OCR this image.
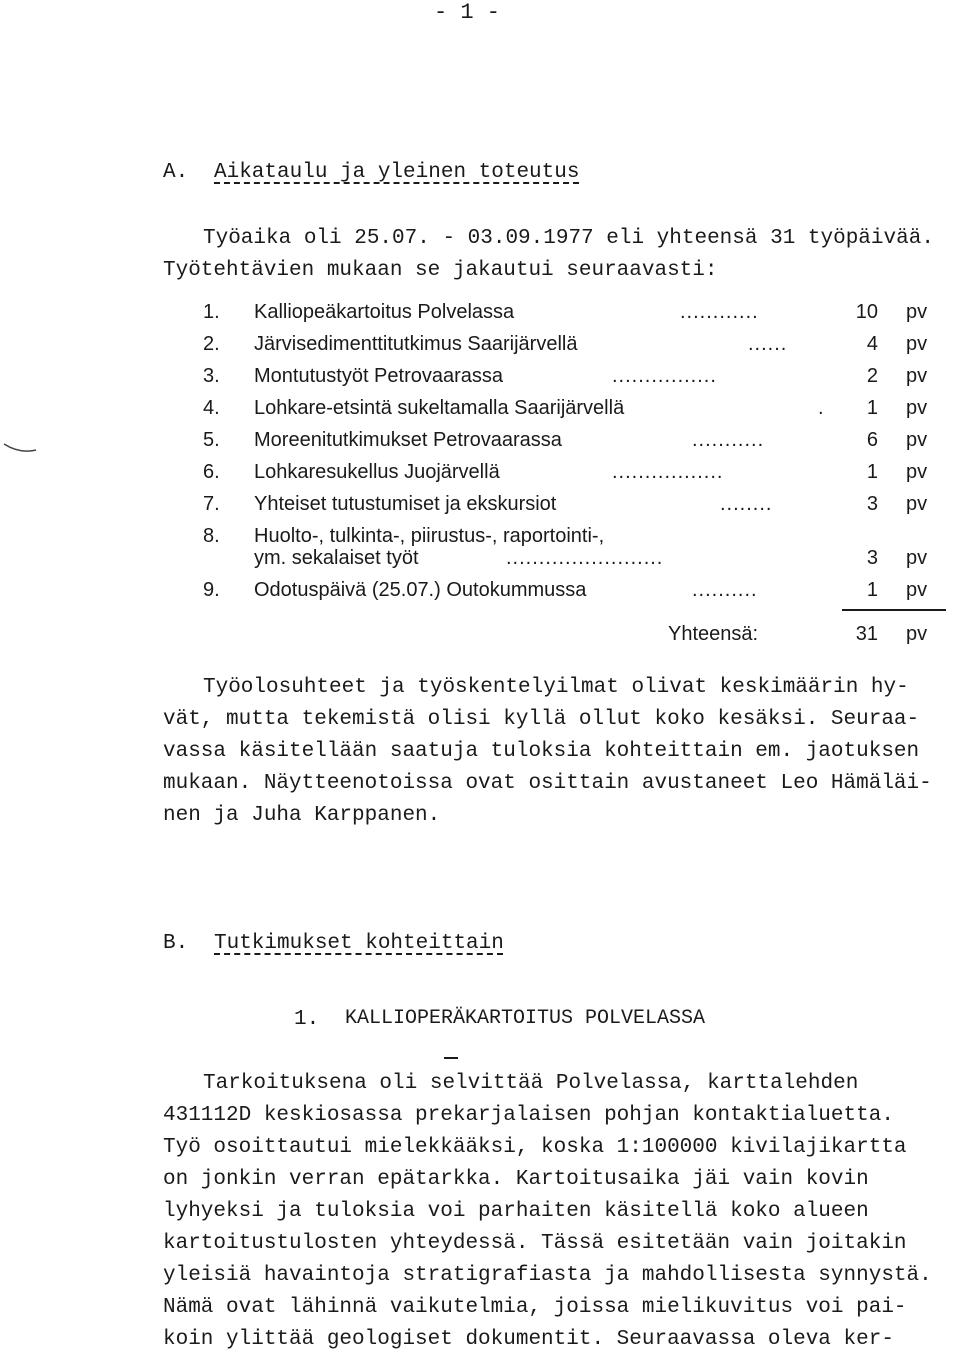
- 1 -
A. Aikataulu ja yleinen toteutus
Työaika oli 25.07. - 03.09.1977 eli yhteensä 31 työpäivää.
Työtehtävien mukaan se jakautui seuraavasti:
1. Kalliopeäkartoitus Polvelassa	............	10 pv
2. Järvisedimenttitutkimus Saarijärvellä	......	4 pv
3. Montutustyöt Petrovaarassa	................	2 pv
4. Lohkare-etsintä sukeltamalla Saarijärvellä	.	1 pv
5. Moreenitutkimukset Petrovaarassa	...........	6 pv
6. Lohkaresukellus Juojärvellä	.................	1 pv
7. Yhteiset tutustumiset ja ekskursiot	........	3 pv
8. Huolto-, tulkinta-, piirustus-, raportointi-,
ym. sekalaiset työt	........................	3 pv
9. Odotuspäivä (25.07.) Outokummussa	..........	1 pv
Yhteensä:	31 pv
Työolosuhteet ja työskentelyilmat olivat keskimäärin hy-
vät, mutta tekemistä olisi kyllä ollut koko kesäksi. Seuraa-
vassa käsitellään saatuja tuloksia kohteittain em. jaotuksen
mukaan. Näytteenotoissa ovat osittain avustaneet Leo Hämäläi-
nen ja Juha Karppanen.
B. Tutkimukset kohteittain
1. KALLIOPERÄKARTOITUS POLVELASSA
Tarkoituksena oli selvittää Polvelassa, karttalehden
431112D keskiosassa prekarjalaisen pohjan kontaktialuetta.
Työ osoittautui mielekkääksi, koska 1:100000 kivilajikartta
on jonkin verran epätarkka. Kartoitusaika jäi vain kovin
lyhyeksi ja tuloksia voi parhaiten käsitellä koko alueen
kartoitustulosten yhteydessä. Tässä esitetään vain joitakin
yleisiä havaintoja stratigrafiasta ja mahdollisesta synnystä.
Nämä ovat lähinnä vaikutelmia, joissa mielikuvitus voi pai-
koin ylittää geologiset dokumentit. Seuraavassa oleva ker-
